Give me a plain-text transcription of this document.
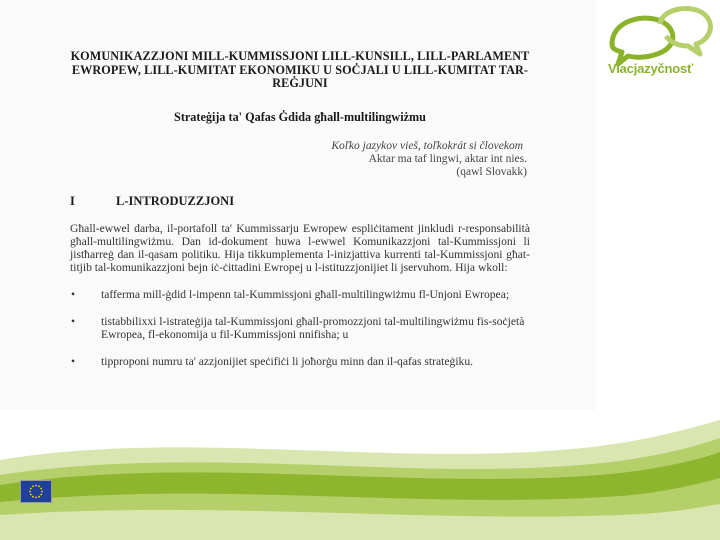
KOMUNIKAZZJONI MILL-KUMMISSJONI LILL-KUNSILL, LILL-PARLAMENT
EWROPEW, LILL-KUMITAT EKONOMIKU U SOĊJALI U LILL-KUMITAT TAR-
REĠJUNI
Strateġija ta' Qafas Ġdida għall-multilingwiżmu
Koľko jazykov vieš, toľkokrát si človekom
Aktar ma taf lingwi, aktar int nies.
(qawl Slovakk)
I	L-INTRODUZZJONI
Għall-ewwel darba, il-portafoll ta' Kummissarju Ewropew espliċitament jinkludi r-responsabilità għall-multilingwiżmu. Dan id-dokument huwa l-ewwel Komunikazzjoni tal-Kummissjoni li jistħarreġ dan il-qasam politiku. Hija tikkumplementa l-inizjattiva kurrenti tal-Kummissjoni għat-titjib tal-komunikazzjoni bejn iċ-ċittadini Ewropej u l-istituzzjonijiet li jservuhom. Hija wkoll:
•	tafferma mill-ġdid l-impenn tal-Kummissjoni għall-multilingwiżmu fl-Unjoni Ewropea;
•	tistabbilixxi l-istrateġija tal-Kummissjoni għall-promozzjoni tal-multilingwiżmu fis-soċjetà Ewropea, fl-ekonomija u fil-Kummissjoni nnifisha; u
•	tipproponi numru ta' azzjonijiet speċifiċi li joħorġu minn dan il-qafas strateġiku.
Viacjazyčnosť
